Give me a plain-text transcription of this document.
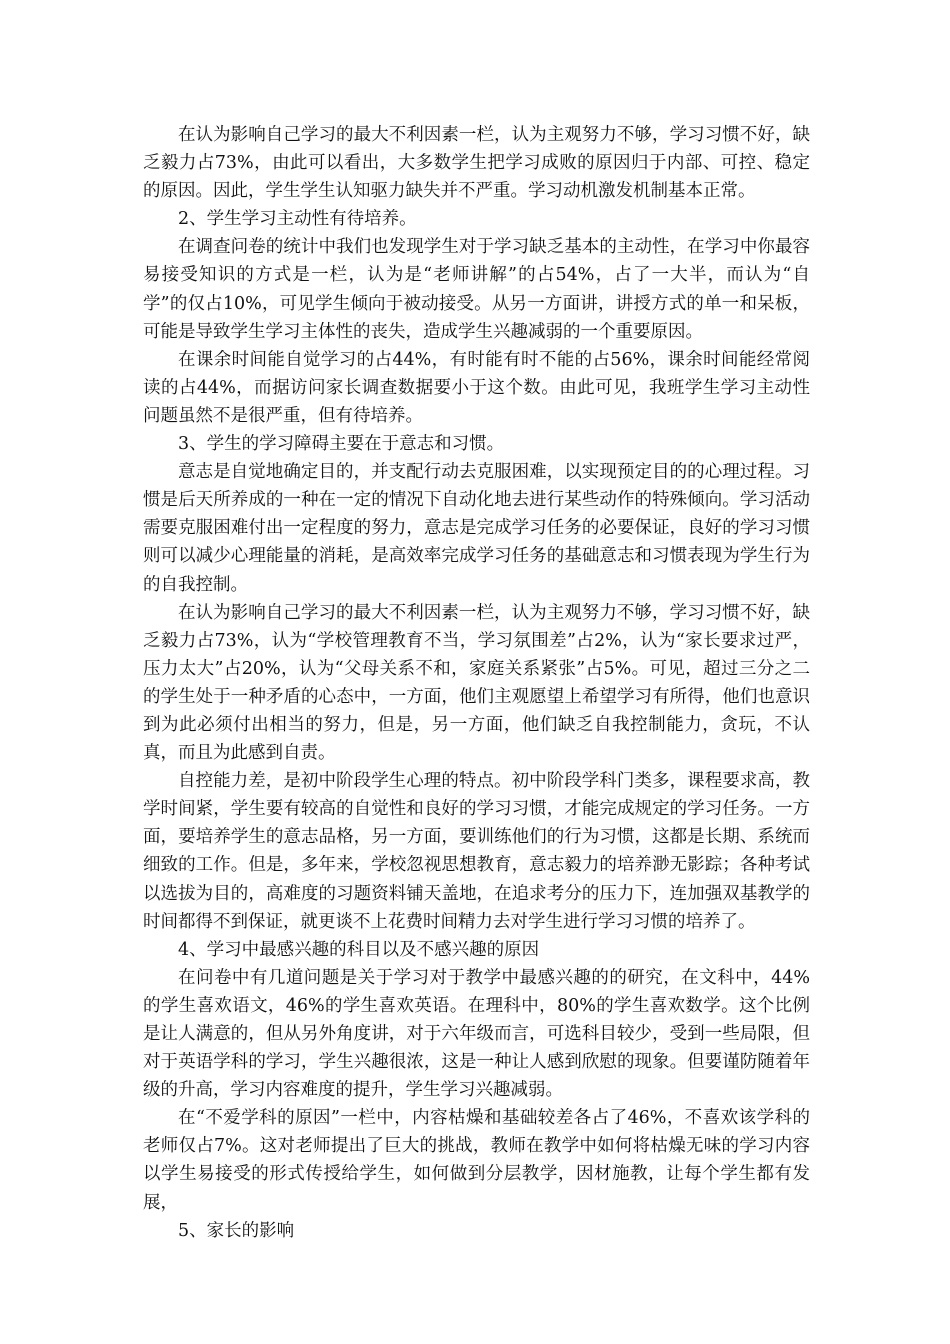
在认为影响自己学习的最大不利因素一栏，认为主观努力不够，学习习惯不好，缺乏毅力占73%，由此可以看出，大多数学生把学习成败的原因归于内部、可控、稳定的原因。因此，学生学生认知驱力缺失并不严重。学习动机激发机制基本正常。

2、学生学习主动性有待培养。

在调查问卷的统计中我们也发现学生对于学习缺乏基本的主动性，在学习中你最容易接受知识的方式是一栏，认为是“老师讲解”的占54%，占了一大半，而认为“自学”的仅占10%，可见学生倾向于被动接受。从另一方面讲，讲授方式的单一和呆板，可能是导致学生学习主体性的丧失，造成学生兴趣减弱的一个重要原因。

在课余时间能自觉学习的占44%，有时能有时不能的占56%，课余时间能经常阅读的占44%，而据访问家长调查数据要小于这个数。由此可见，我班学生学习主动性问题虽然不是很严重，但有待培养。

3、学生的学习障碍主要在于意志和习惯。

意志是自觉地确定目的，并支配行动去克服困难，以实现预定目的的心理过程。习惯是后天所养成的一种在一定的情况下自动化地去进行某些动作的特殊倾向。学习活动需要克服困难付出一定程度的努力，意志是完成学习任务的必要保证，良好的学习习惯则可以减少心理能量的消耗，是高效率完成学习任务的基础意志和习惯表现为学生行为的自我控制。

在认为影响自己学习的最大不利因素一栏，认为主观努力不够，学习习惯不好，缺乏毅力占73%，认为“学校管理教育不当，学习氛围差”占2%，认为“家长要求过严，压力太大”占20%，认为“父母关系不和，家庭关系紧张”占5%。可见，超过三分之二的学生处于一种矛盾的心态中，一方面，他们主观愿望上希望学习有所得，他们也意识到为此必须付出相当的努力，但是，另一方面，他们缺乏自我控制能力，贪玩，不认真，而且为此感到自责。

自控能力差，是初中阶段学生心理的特点。初中阶段学科门类多，课程要求高，教学时间紧，学生要有较高的自觉性和良好的学习习惯，才能完成规定的学习任务。一方面，要培养学生的意志品格，另一方面，要训练他们的行为习惯，这都是长期、系统而细致的工作。但是，多年来，学校忽视思想教育，意志毅力的培养渺无影踪；各种考试以选拔为目的，高难度的习题资料铺天盖地，在追求考分的压力下，连加强双基教学的时间都得不到保证，就更谈不上花费时间精力去对学生进行学习习惯的培养了。

4、学习中最感兴趣的科目以及不感兴趣的原因

在问卷中有几道问题是关于学习对于教学中最感兴趣的的研究，在文科中，44%的学生喜欢语文，46%的学生喜欢英语。在理科中，80%的学生喜欢数学。这个比例是让人满意的，但从另外角度讲，对于六年级而言，可选科目较少，受到一些局限，但对于英语学科的学习，学生兴趣很浓，这是一种让人感到欣慰的现象。但要谨防随着年级的升高，学习内容难度的提升，学生学习兴趣减弱。

在“不爱学科的原因”一栏中，内容枯燥和基础较差各占了46%，不喜欢该学科的老师仅占7%。这对老师提出了巨大的挑战，教师在教学中如何将枯燥无味的学习内容以学生易接受的形式传授给学生，如何做到分层教学，因材施教，让每个学生都有发展，

5、家长的影响
